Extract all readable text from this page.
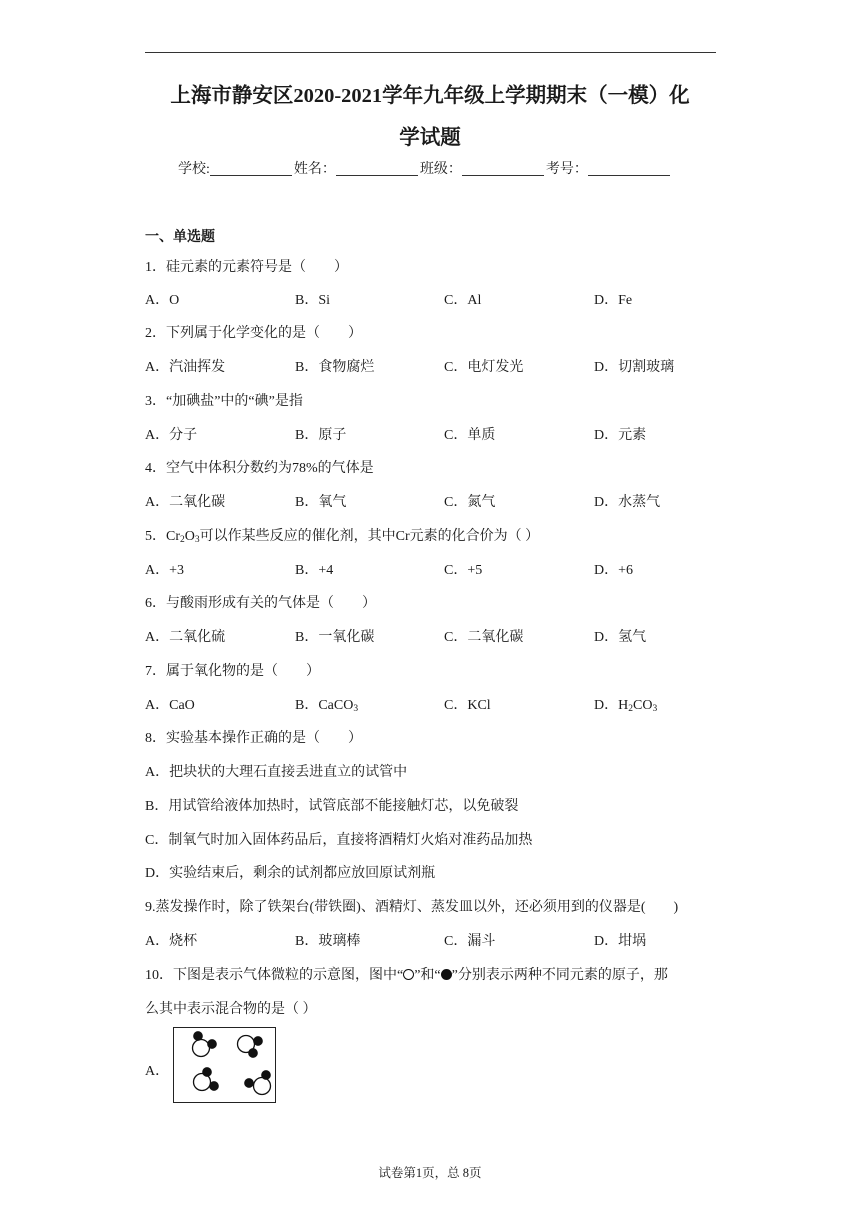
上海市静安区2020-2021学年九年级上学期期末（一模）化
学试题
学校:	姓名：	班级：	考号：
一、单选题
1．硅元素的元素符号是（　　）
A．O	B．Si	C．Al	D．Fe
2．下列属于化学变化的是（　　）
A．汽油挥发	B．食物腐烂	C．电灯发光	D．切割玻璃
3．“加碘盐”中的“碘”是指
A．分子	B．原子	C．单质	D．元素
4．空气中体积分数约为78%的气体是
A．二氧化碳	B．氧气	C．氮气	D．水蒸气
5．$Cr_2O_3$可以作某些反应的催化剂，其中Cr元素的化合价为（ ）
A．+3	B．+4	C．+5	D．+6
6．与酸雨形成有关的气体是（　　）
A．二氧化硫	B．一氧化碳	C．二氧化碳	D．氢气
7．属于氧化物的是（　　）
A．CaO	B．CaCO$_3$	C．KCl	D．$H_2CO_3$
8．实验基本操作正确的是（　　）
A．把块状的大理石直接丢进直立的试管中
B．用试管给液体加热时，试管底部不能接触灯芯，以免破裂
C．制氧气时加入固体药品后，直接将酒精灯火焰对准药品加热
D．实验结束后，剩余的试剂都应放回原试剂瓶
9.蒸发操作时，除了铁架台(带铁圈)、酒精灯、蒸发皿以外，还必须用到的仪器是(　　)
A．烧杯	B．玻璃棒	C．漏斗	D．坩埚
10．下图是表示气体微粒的示意图，图中“ ”和“ ”分别表示两种不同元素的原子，那
么其中表示混合物的是（ ）
A．
试卷第1页，总 8页
